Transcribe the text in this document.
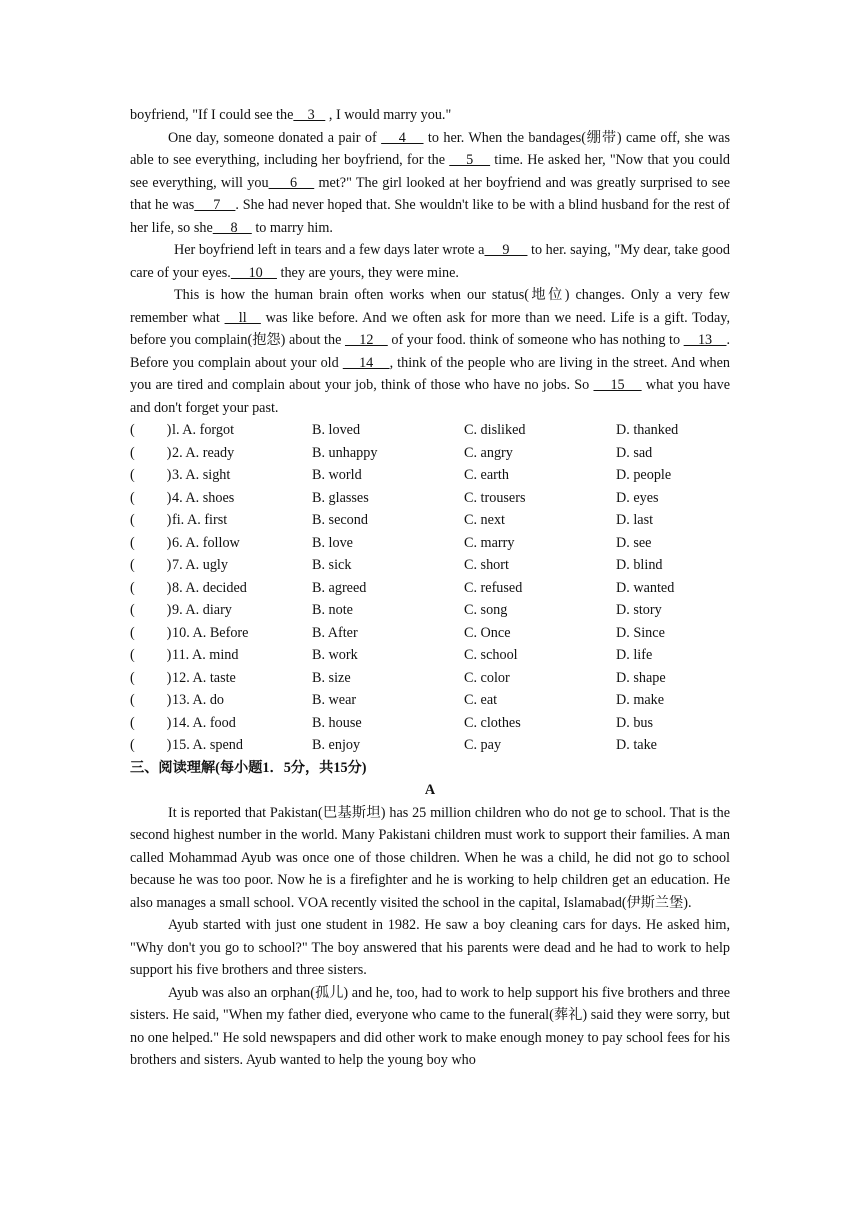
boyfriend, "If I could see the    3    , I would marry you."

One day, someone donated a pair of     4     to her. When the bandages(绷带) came off, she was able to see everything, including her boyfriend, for the     5     time. He asked her, "Now that you could see everything, will you     6     met?" The girl looked at her boyfriend and was greatly surprised to see that he was     7    . She had never hoped that. She wouldn't like to be with a blind husband for the rest of her life, so she     8     to marry him.

Her boyfriend left in tears and a few days later wrote a     9      to her. saying, "My dear, take good care of your eyes.     10     they are yours, they were mine.

This is how the human brain often works when our status(地位) changes. Only a very few remember what    ll    was like before. And we often ask for more than we need. Life is a gift. Today, before you complain(抱怨) about the     12     of your food. think of someone who has nothing to     13    . Before you complain about your old     14    , think of the people who are living in the street. And when you are tired and complain about your job, think of those who have no jobs. So     15     what you have and don't forget your past.

(         ) l. A. forgot	B. loved	C. disliked	D. thanked
(         ) 2. A. ready	B. unhappy	C. angry	D. sad
(         ) 3. A. sight	B. world	C. earth	D. people
(         ) 4. A. shoes	B. glasses	C. trousers	D. eyes
(         ) fi. A. first	B. second	C. next	D. last
(         ) 6. A. follow	B. love	C. marry	D. see
(         ) 7. A. ugly	B. sick	C. short	D. blind
(         ) 8. A. decided	B. agreed	C. refused	D. wanted
(         ) 9. A. diary	B. note	C. song	D. story
(         ) 10. A. Before	B. After	C. Once	D. Since
(         ) 11. A. mind	B. work	C. school	D. life
(         ) 12. A. taste	B. size	C. color	D. shape
(         ) 13. A. do	B. wear	C. eat	D. make
(         ) 14. A. food	B. house	C. clothes	D. bus
(         ) 15. A. spend	B. enjoy	C. pay	D. take

三、阅读理解(每小题1．5分，共15分)

A

It is reported that Pakistan(巴基斯坦) has 25 million children who do not ge to school. That is the second highest number in the world. Many Pakistani children must work to support their families. A man called Mohammad Ayub was once one of those children. When he was a child, he did not go to school because he was too poor. Now he is a firefighter and he is working to help children get an education. He also manages a small school. VOA recently visited the school in the capital, Islamabad(伊斯兰堡).

Ayub started with just one student in 1982. He saw a boy cleaning cars for days. He asked him, "Why don't you go to school?" The boy answered that his parents were dead and he had to work to help support his five brothers and three sisters.

Ayub was also an orphan(孤儿) and he, too, had to work to help support his five brothers and three sisters. He said, "When my father died, everyone who came to the funeral(葬礼) said they were sorry, but no one helped." He sold newspapers and did other work to make enough money to pay school fees for his brothers and sisters. Ayub wanted to help the young boy who
